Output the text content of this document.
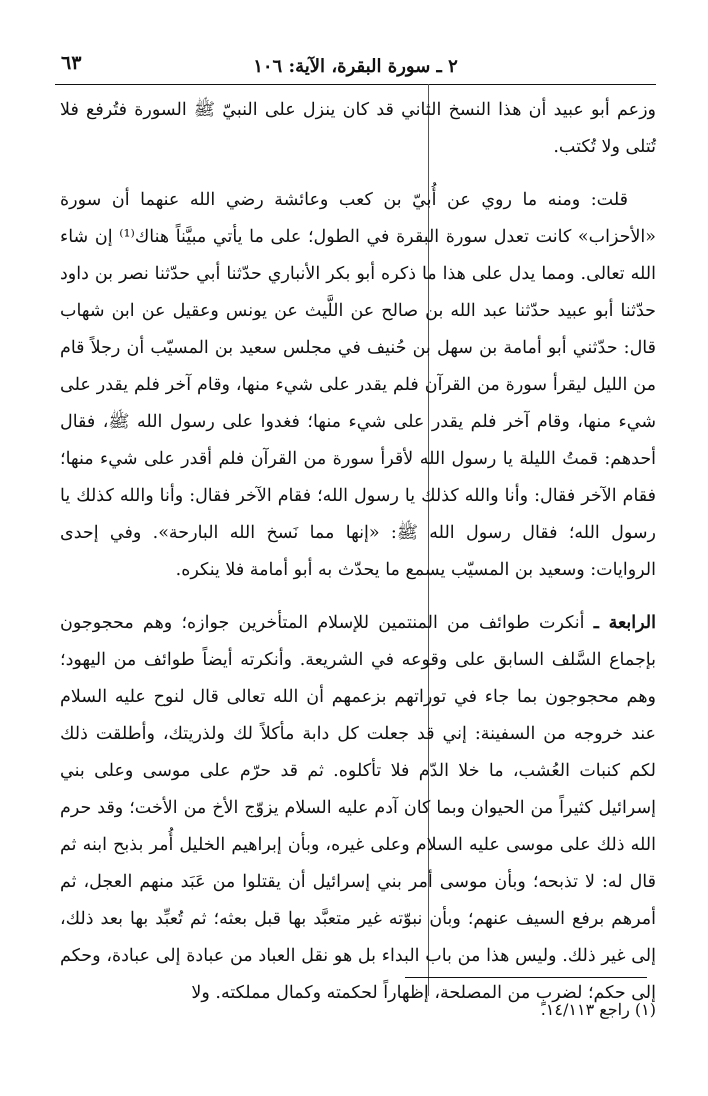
٢ ـ سورة البقرة، الآية: ١٠٦
٦٣

وزعم أبو عبيد أن هذا النسخ الثاني قد كان ينزل على النبيّ ﷺ السورة فتُرفع فلا تُتلى ولا تُكتب.

قلت: ومنه ما روي عن أُبيّ بن كعب وعائشة رضي الله عنهما أن سورة «الأحزاب» كانت تعدل سورة البقرة في الطول؛ على ما يأتي مبيَّناً هناك⁽¹⁾ إن شاء الله تعالى. ومما يدل على هذا ما ذكره أبو بكر الأنباري حدّثنا أبي حدّثنا نصر بن داود حدّثنا أبو عبيد حدّثنا عبد الله بن صالح عن اللَّيث عن يونس وعقيل عن ابن شهاب قال: حدّثني أبو أمامة بن سهل بن حُنيف في مجلس سعيد بن المسيّب أن رجلاً قام من الليل ليقرأ سورة من القرآن فلم يقدر على شيء منها، وقام آخر فلم يقدر على شيء منها، وقام آخر فلم يقدر على شيء منها؛ فغدوا على رسول الله ﷺ، فقال أحدهم: قمتُ الليلة يا رسول الله لأقرأ سورة من القرآن فلم أقدر على شيء منها؛ فقام الآخر فقال: وأنا والله كذلك يا رسول الله؛ فقام الآخر فقال: وأنا والله كذلك يا رسول الله؛ فقال رسول الله ﷺ: «إنها مما نَسخ الله البارحة». وفي إحدى الروايات: وسعيد بن المسيّب يسمع ما يحدّث به أبو أمامة فلا ينكره.

الرابعة ـ أنكرت طوائف من المنتمين للإسلام المتأخرين جوازه؛ وهم محجوجون بإجماع السَّلف السابق على وقوعه في الشريعة. وأنكرته أيضاً طوائف من اليهود؛ وهم محجوجون بما جاء في توراتهم بزعمهم أن الله تعالى قال لنوح عليه السلام عند خروجه من السفينة: إني قد جعلت كل دابة مأكلاً لك ولذريتك، وأطلقت ذلك لكم كنبات العُشب، ما خلا الدّم فلا تأكلوه. ثم قد حرّم على موسى وعلى بني إسرائيل كثيراً من الحيوان وبما كان آدم عليه السلام يزوّج الأخ من الأخت؛ وقد حرم الله ذلك على موسى عليه السلام وعلى غيره، وبأن إبراهيم الخليل أُمر بذبح ابنه ثم قال له: لا تذبحه؛ وبأن موسى أمر بني إسرائيل أن يقتلوا من عَبَد منهم العجل، ثم أمرهم برفع السيف عنهم؛ وبأن نبوّته غير متعبَّد بها قبل بعثه؛ ثم تُعبِّد بها بعد ذلك، إلى غير ذلك. وليس هذا من باب البداء بل هو نقل العباد من عبادة إلى عبادة، وحكم إلى حكم؛ لضربٍ من المصلحة، إظهاراً لحكمته وكمال مملكته. ولا

(١) راجع ١٤/١١٣.
